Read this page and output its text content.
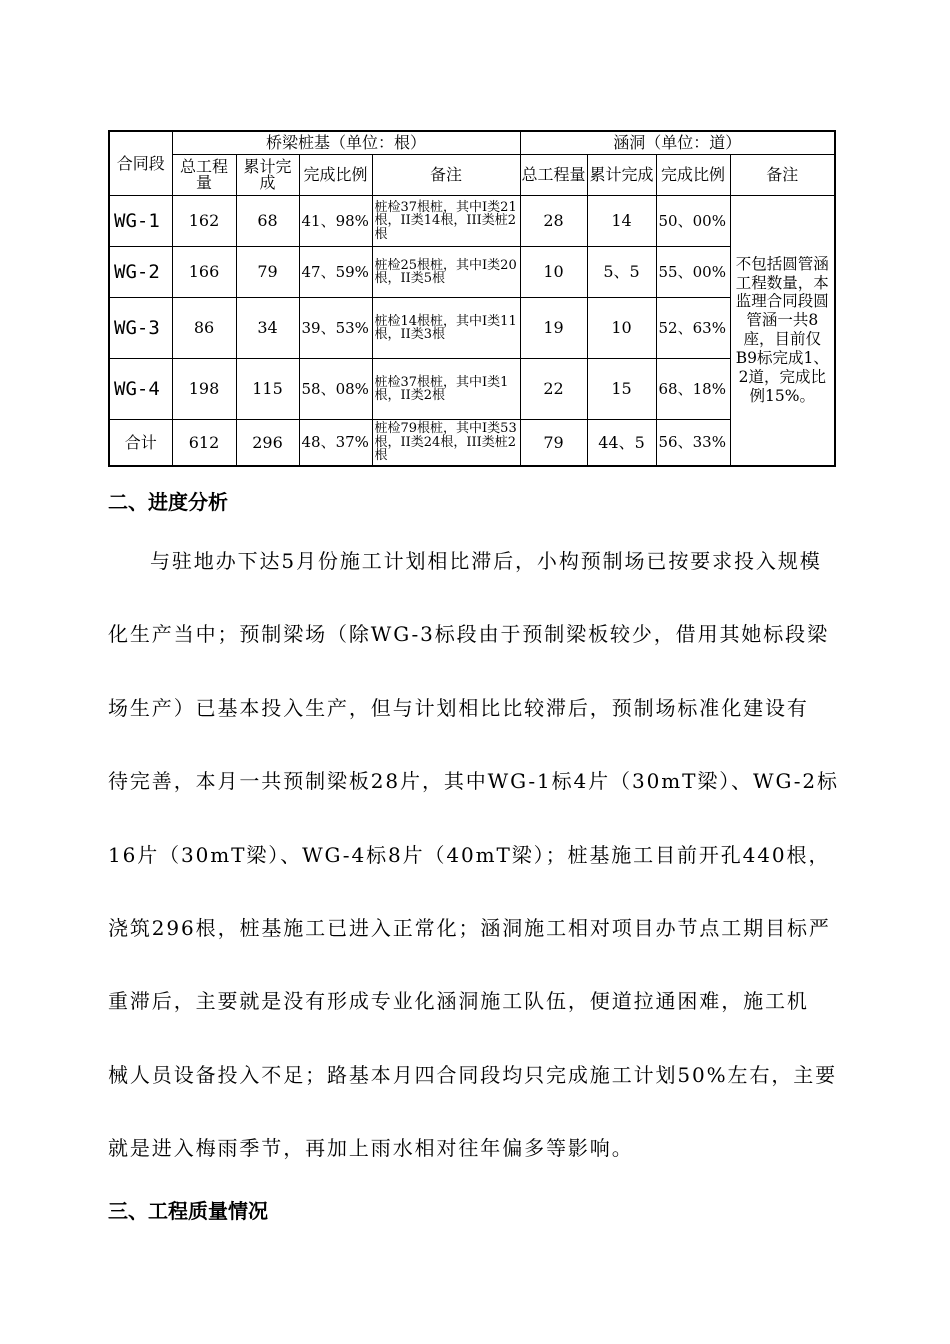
合同段	桥梁桩基（单位：根）				涵洞（单位：道）			
	总工程量	累计完成	完成比例	备注	总工程量	累计完成	完成比例	备注
WG-1	162	68	41、98%	桩检37根桩，其中I类21根，II类14根，III类桩2根	28	14	50、00%	不包括圆管涵工程数量，本监理合同段圆管涵一共8座，目前仅B9标完成1、2道，完成比例15%。
WG-2	166	79	47、59%	桩检25根桩，其中I类20根，II类5根	10	5、5	55、00%	
WG-3	86	34	39、53%	桩检14根桩，其中I类11根，II类3根	19	10	52、63%	
WG-4	198	115	58、08%	桩检37根桩，其中I类1根，II类2根	22	15	68、18%	
合计	612	296	48、37%	桩检79根桩，其中I类53根，II类24根，III类桩2根	79	44、5	56、33%	
二、进度分析
与驻地办下达5月份施工计划相比滞后，小构预制场已按要求投入规模
化生产当中；预制梁场（除WG-3标段由于预制梁板较少，借用其她标段梁
场生产）已基本投入生产，但与计划相比比较滞后，预制场标准化建设有
待完善，本月一共预制梁板28片，其中WG-1标4片（30mT梁）、WG-2标
16片（30mT梁）、WG-4标8片（40mT梁）；桩基施工目前开孔440根，
浇筑296根，桩基施工已进入正常化；涵洞施工相对项目办节点工期目标严
重滞后，主要就是没有形成专业化涵洞施工队伍，便道拉通困难，施工机
械人员设备投入不足；路基本月四合同段均只完成施工计划50%左右，主要
就是进入梅雨季节，再加上雨水相对往年偏多等影响。
三、工程质量情况
